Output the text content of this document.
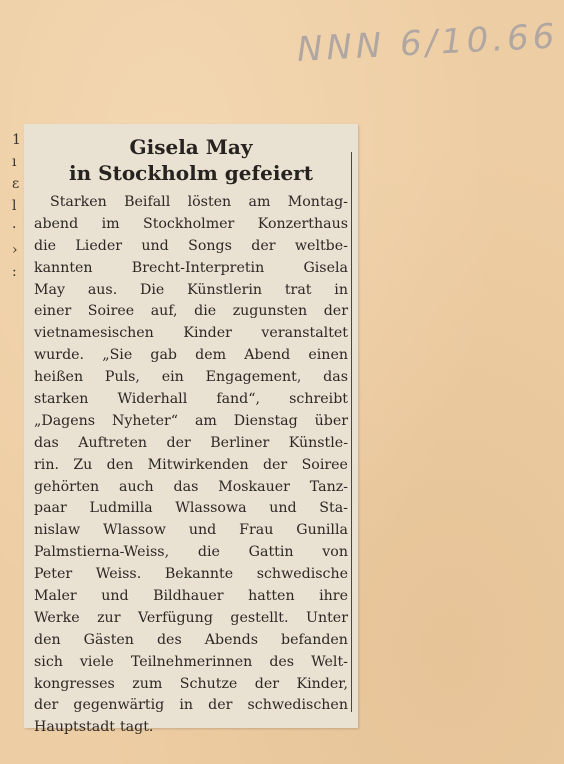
NNN 6/10.66
1
ı
ɛ
l
·
›
:
Gisela May
in Stockholm gefeiert
Starken Beifall lösten am Montag-
abend im Stockholmer Konzerthaus
die Lieder und Songs der weltbe-
kannten	Brecht-Interpretin	Gisela
May aus. Die Künstlerin trat in
einer Soiree auf, die zugunsten der
vietnamesischen Kinder veranstaltet
wurde. „Sie gab dem Abend einen
heißen Puls, ein Engagement, das
starken Widerhall fand“, schreibt
„Dagens Nyheter“ am Dienstag über
das Auftreten der Berliner Künstle-
rin. Zu den Mitwirkenden der Soiree
gehörten auch das Moskauer Tanz-
paar Ludmilla Wlassowa und Sta-
nislaw Wlassow und Frau Gunilla
Palmstierna-Weiss, die Gattin von
Peter Weiss. Bekannte schwedische
Maler und Bildhauer hatten ihre
Werke zur Verfügung gestellt. Unter
den Gästen des Abends befanden
sich viele Teilnehmerinnen des Welt-
kongresses zum Schutze der Kinder,
der gegenwärtig in der schwedischen
Hauptstadt tagt.
